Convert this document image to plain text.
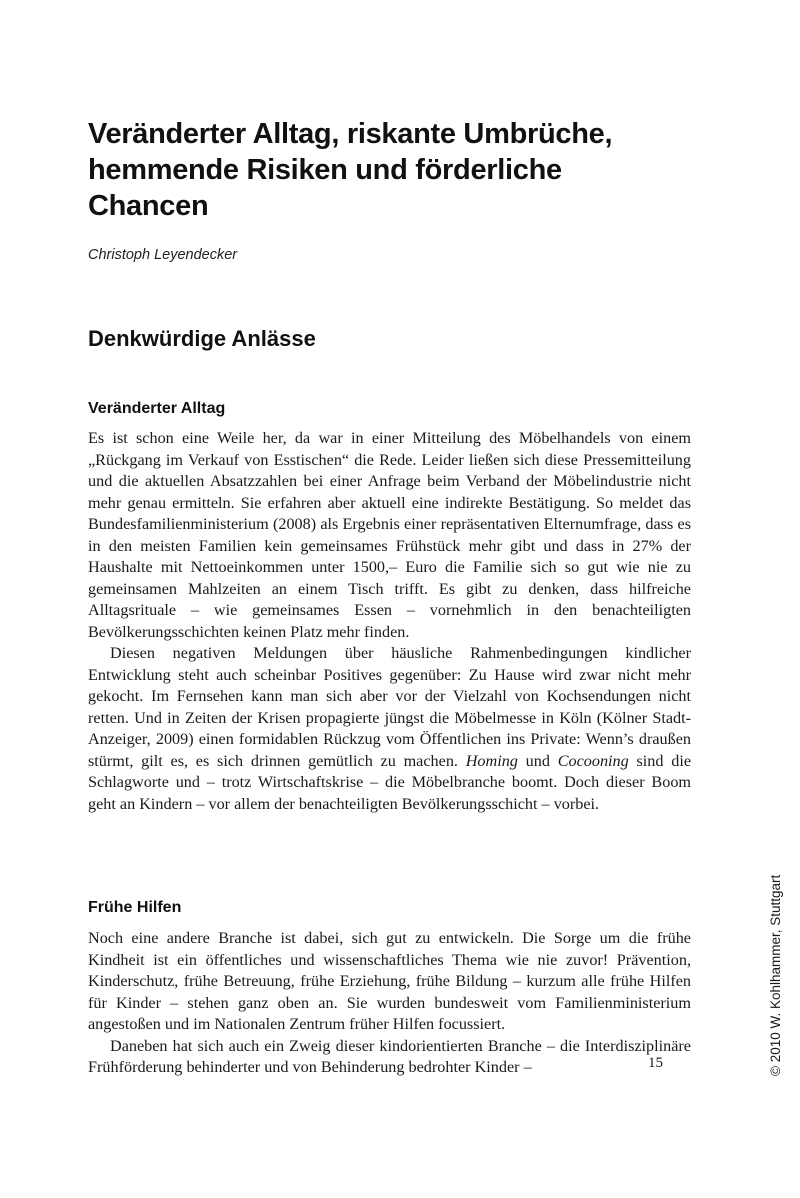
Veränderter Alltag, riskante Umbrüche,
hemmende Risiken und förderliche Chancen

Christoph Leyendecker

Denkwürdige Anlässe
Veränderter Alltag

Es ist schon eine Weile her, da war in einer Mitteilung des Möbelhandels von einem „Rückgang im Verkauf von Esstischen“ die Rede. Leider ließen sich diese Pressemitteilung und die aktuellen Absatzzahlen bei einer Anfrage beim Verband der Möbelindustrie nicht mehr genau ermitteln. Sie erfahren aber aktuell eine indirekte Bestätigung. So meldet das Bundesfamilienministerium (2008) als Ergebnis einer repräsentativen Elternumfrage, dass es in den meisten Familien kein gemeinsames Frühstück mehr gibt und dass in 27% der Haushalte mit Nettoeinkommen unter 1500,– Euro die Familie sich so gut wie nie zu gemeinsamen Mahlzeiten an einem Tisch trifft. Es gibt zu denken, dass hilfreiche Alltagsrituale – wie gemeinsames Essen – vornehmlich in den benachteiligten Bevölkerungsschichten keinen Platz mehr finden.

Diesen negativen Meldungen über häusliche Rahmenbedingungen kindlicher Entwicklung steht auch scheinbar Positives gegenüber: Zu Hause wird zwar nicht mehr gekocht. Im Fernsehen kann man sich aber vor der Vielzahl von Kochsendungen nicht retten. Und in Zeiten der Krisen propagierte jüngst die Möbelmesse in Köln (Kölner Stadt-Anzeiger, 2009) einen formidablen Rückzug vom Öffentlichen ins Private: Wenn’s draußen stürmt, gilt es, es sich drinnen gemütlich zu machen. Homing und Cocooning sind die Schlagworte und – trotz Wirtschaftskrise – die Möbelbranche boomt. Doch dieser Boom geht an Kindern – vor allem der benachteiligten Bevölkerungsschicht – vorbei.

Frühe Hilfen

Noch eine andere Branche ist dabei, sich gut zu entwickeln. Die Sorge um die frühe Kindheit ist ein öffentliches und wissenschaftliches Thema wie nie zuvor! Prävention, Kinderschutz, frühe Betreuung, frühe Erziehung, frühe Bildung – kurzum alle frühe Hilfen für Kinder – stehen ganz oben an. Sie wurden bundesweit vom Familienministerium angestoßen und im Nationalen Zentrum früher Hilfen focussiert.

Daneben hat sich auch ein Zweig dieser kindorientierten Branche – die Interdisziplinäre Frühförderung behinderter und von Behinderung bedrohter Kinder –	15	© 2010 W. Kohlhammer, Stuttgart
